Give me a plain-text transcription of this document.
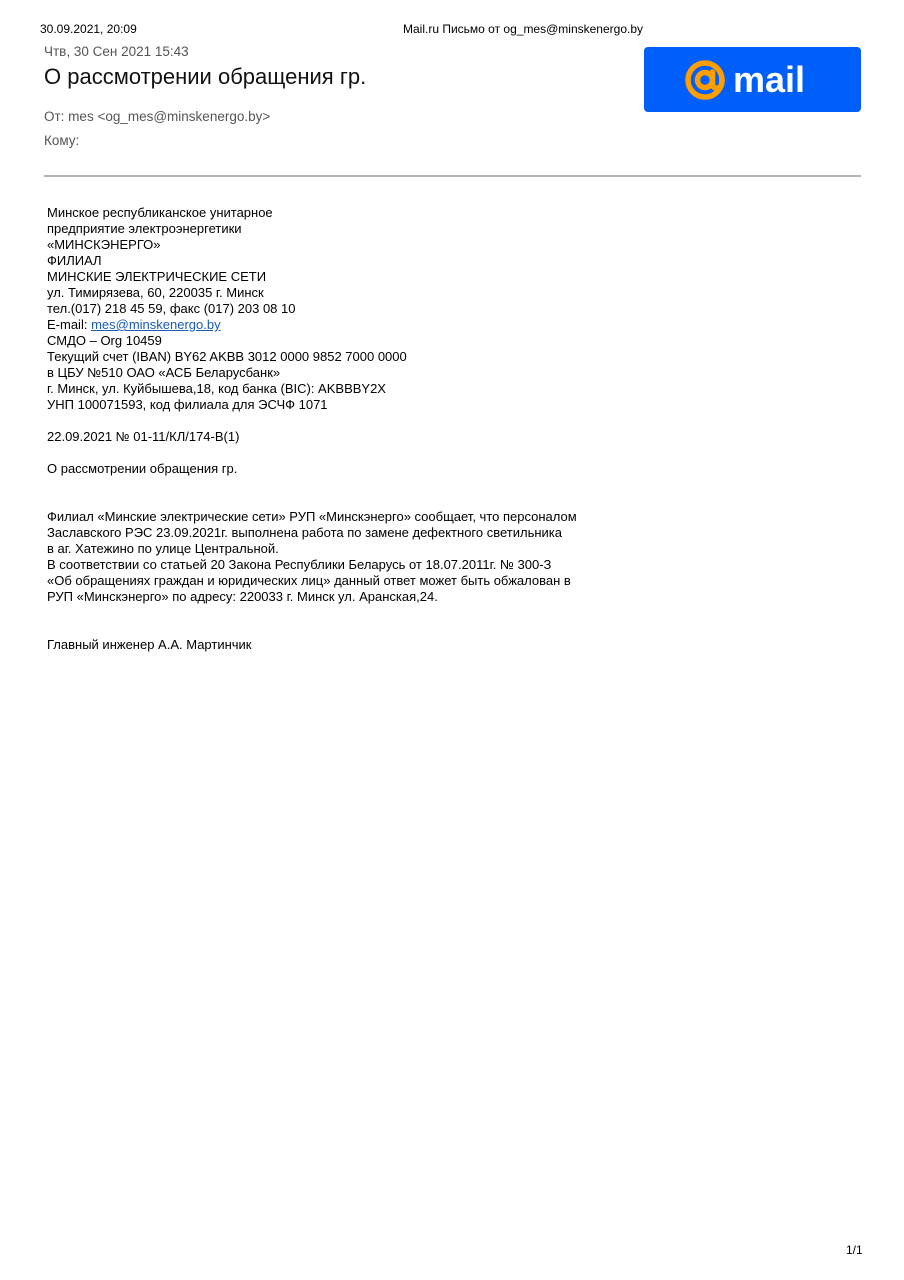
30.09.2021, 20:09	Mail.ru Письмо от og_mes@minskenergo.by
Чтв, 30 Сен 2021 15:43
О рассмотрении обращения гр.	mail
От: mes <og_mes@minskenergo.by>
Кому:
Минское республиканское унитарное
предприятие электроэнергетики
«МИНСКЭНЕРГО»
ФИЛИАЛ
МИНСКИЕ ЭЛЕКТРИЧЕСКИЕ СЕТИ
ул. Тимирязева, 60, 220035 г. Минск
тел.(017) 218 45 59, факс (017) 203 08 10
E-mail: mes@minskenergo.by
СМДО – Org 10459
Текущий счет (IBAN) BY62 AKBB 3012 0000 9852 7000 0000
в ЦБУ №510 ОАО «АСБ Беларусбанк»
г. Минск, ул. Куйбышева,18, код банка (BIC): AKBBBY2X
УНП 100071593, код филиала для ЭСЧФ 1071
22.09.2021 № 01-11/КЛ/174-В(1)
О рассмотрении обращения гр.
Филиал «Минские электрические сети» РУП «Минскэнерго» сообщает, что персоналом
Заславского РЭС 23.09.2021г. выполнена работа по замене дефектного светильника
в аг. Хатежино по улице Центральной.
В соответствии со статьей 20 Закона Республики Беларусь от 18.07.2011г. № 300-З
«Об обращениях граждан и юридических лиц» данный ответ может быть обжалован в
РУП «Минскэнерго» по адресу: 220033 г. Минск ул. Аранская,24.
Главный инженер А.А. Мартинчик
1/1
